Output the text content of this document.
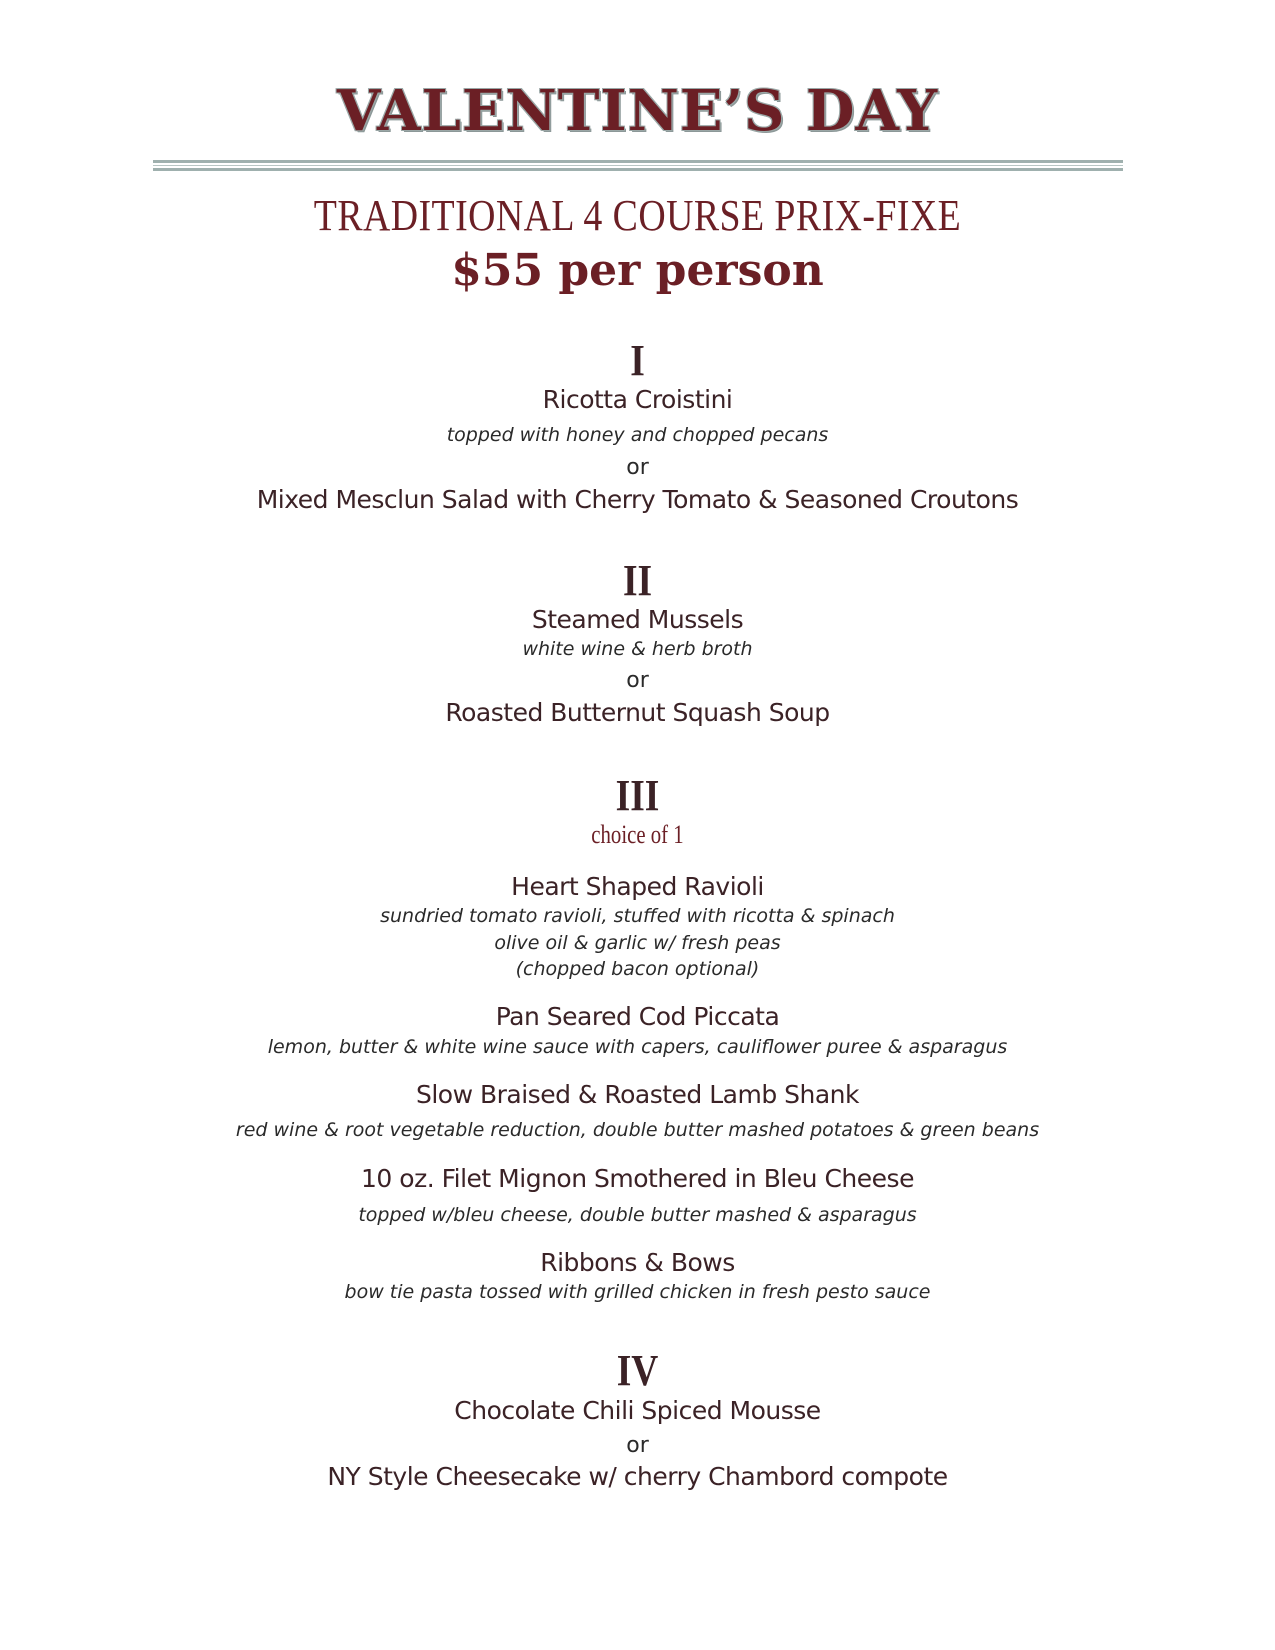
VALENTINE’S DAY
TRADITIONAL 4 COURSE PRIX-FIXE
$55 per person
I
Ricotta Croistini
topped with honey and chopped pecans
or
Mixed Mesclun Salad with Cherry Tomato & Seasoned Croutons
II
Steamed Mussels
white wine & herb broth
or
Roasted Butternut Squash Soup
III
choice of 1
Heart Shaped Ravioli
sundried tomato ravioli, stuffed with ricotta & spinach
olive oil & garlic w/ fresh peas
(chopped bacon optional)
Pan Seared Cod Piccata
lemon, butter & white wine sauce with capers, cauliflower puree & asparagus
Slow Braised & Roasted Lamb Shank
red wine & root vegetable reduction, double butter mashed potatoes & green beans
10 oz. Filet Mignon Smothered in Bleu Cheese
topped w/bleu cheese, double butter mashed & asparagus
Ribbons & Bows
bow tie pasta tossed with grilled chicken in fresh pesto sauce
IV
Chocolate Chili Spiced Mousse
or
NY Style Cheesecake w/ cherry Chambord compote
